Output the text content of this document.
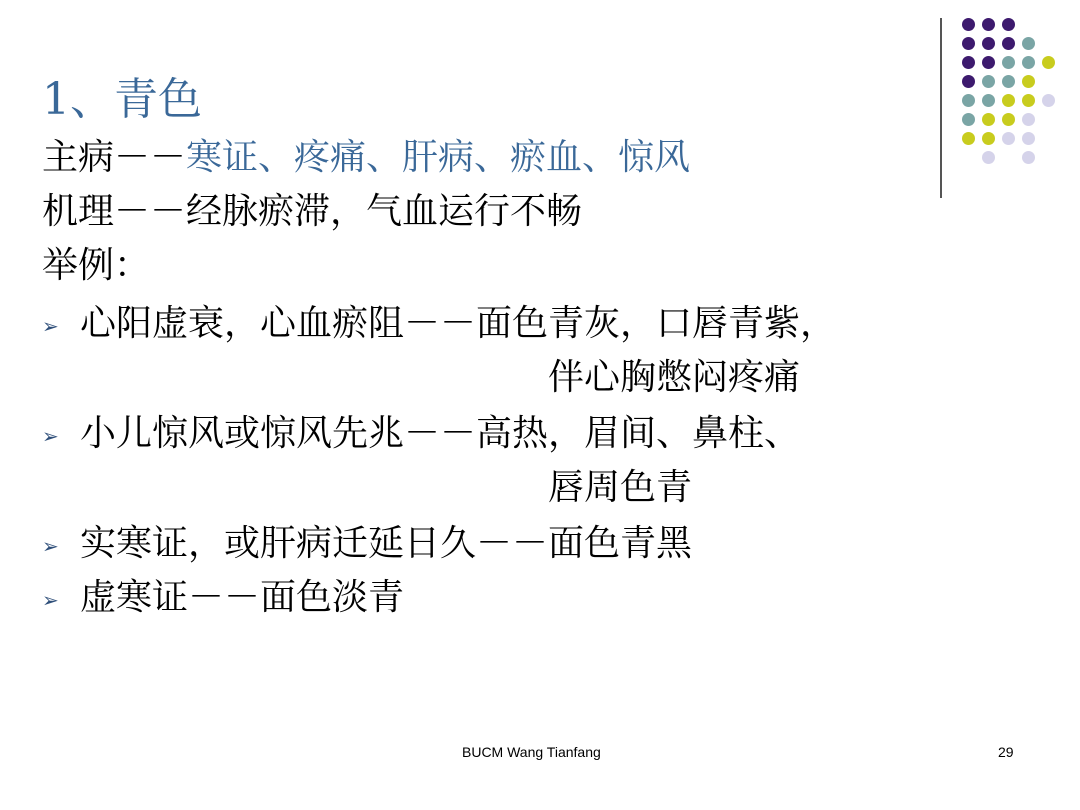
1、青色
主病－－寒证、疼痛、肝病、瘀血、惊风
机理－－经脉瘀滞，气血运行不畅
举例：
➢ 心阳虚衰，心血瘀阻－－面色青灰，口唇青紫，
伴心胸憋闷疼痛
➢ 小儿惊风或惊风先兆－－高热，眉间、鼻柱、
唇周色青
➢ 实寒证，或肝病迁延日久－－面色青黑
➢ 虚寒证－－面色淡青
BUCM Wang Tianfang	29
